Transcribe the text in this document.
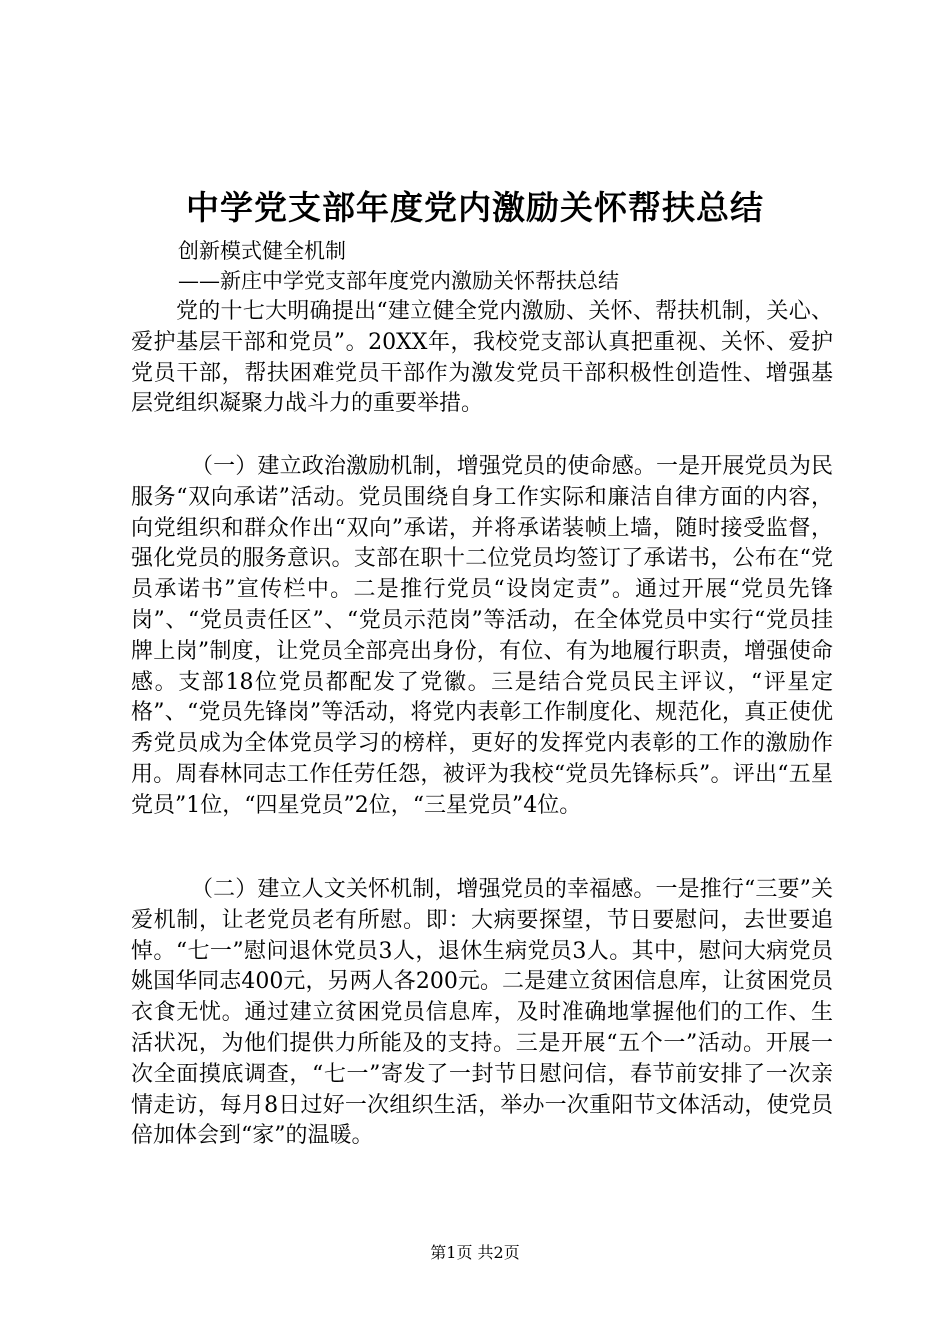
中学党支部年度党内激励关怀帮扶总结

创新模式健全机制

——新庄中学党支部年度党内激励关怀帮扶总结

党的十七大明确提出“建立健全党内激励、关怀、帮扶机制，关心、爱护基层干部和党员”。20XX年，我校党支部认真把重视、关怀、爱护党员干部，帮扶困难党员干部作为激发党员干部积极性创造性、增强基层党组织凝聚力战斗力的重要举措。

（一）建立政治激励机制，增强党员的使命感。一是开展党员为民服务“双向承诺”活动。党员围绕自身工作实际和廉洁自律方面的内容，向党组织和群众作出“双向”承诺，并将承诺装帧上墙，随时接受监督，强化党员的服务意识。支部在职十二位党员均签订了承诺书，公布在“党员承诺书”宣传栏中。二是推行党员“设岗定责”。通过开展“党员先锋岗”、“党员责任区”、“党员示范岗”等活动，在全体党员中实行“党员挂牌上岗”制度，让党员全部亮出身份，有位、有为地履行职责，增强使命感。支部18位党员都配发了党徽。三是结合党员民主评议，“评星定格”、“党员先锋岗”等活动，将党内表彰工作制度化、规范化，真正使优秀党员成为全体党员学习的榜样，更好的发挥党内表彰的工作的激励作用。周春林同志工作任劳任怨，被评为我校“党员先锋标兵”。评出“五星党员”1位，“四星党员”2位，“三星党员”4位。

（二）建立人文关怀机制，增强党员的幸福感。一是推行“三要”关爱机制，让老党员老有所慰。即：大病要探望，节日要慰问，去世要追悼。“七一”慰问退休党员3人，退休生病党员3人。其中，慰问大病党员姚国华同志400元，另两人各200元。二是建立贫困信息库，让贫困党员衣食无忧。通过建立贫困党员信息库，及时准确地掌握他们的工作、生活状况，为他们提供力所能及的支持。三是开展“五个一”活动。开展一次全面摸底调查，“七一”寄发了一封节日慰问信，春节前安排了一次亲情走访，每月8日过好一次组织生活，举办一次重阳节文体活动，使党员倍加体会到“家”的温暖。

第1页 共2页
